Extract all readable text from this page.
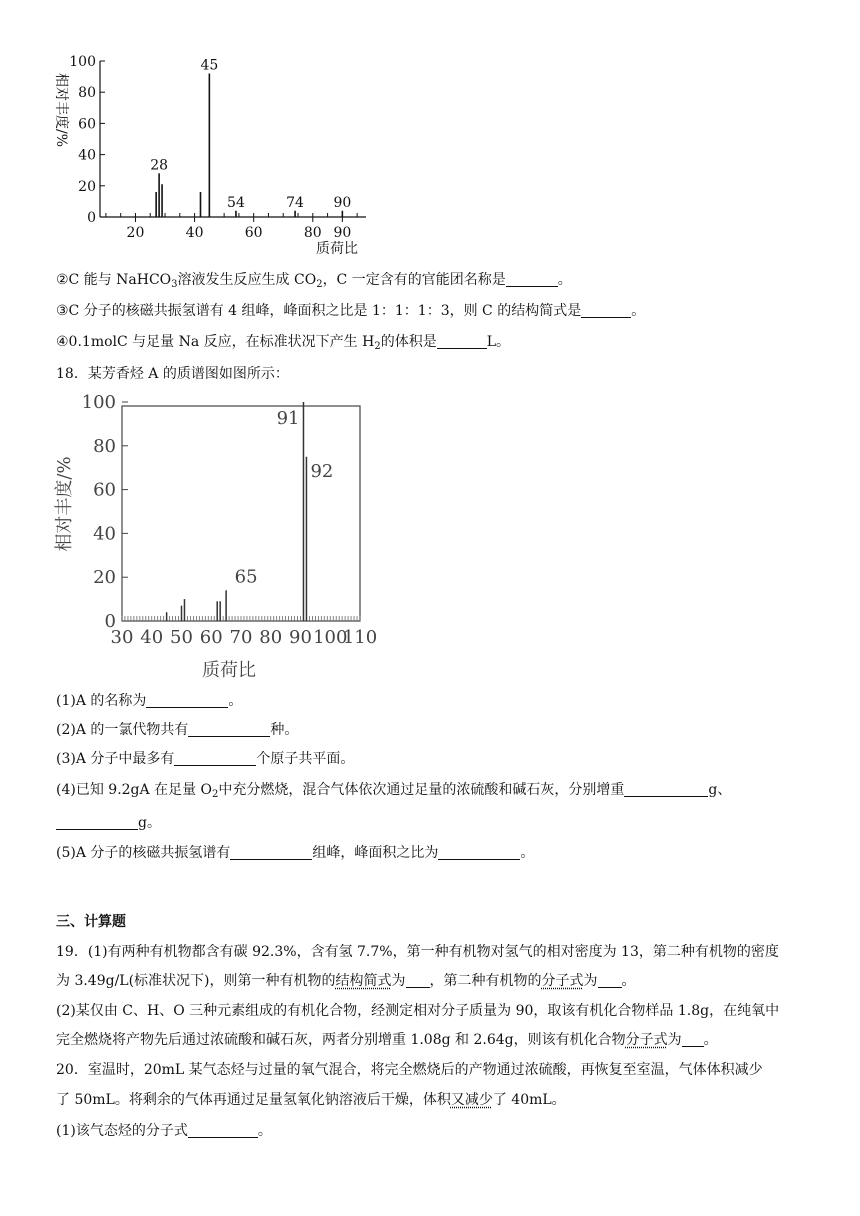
0
20
40
60
80
100
20	40	60	80 90
28
45
54	74 90
相对丰度/%
质荷比
②C 能与 NaHCO$_3$溶液发生反应生成 $CO_2$，C 一定含有的官能团名称是	。
③C 分子的核磁共振氢谱有 4 组峰，峰面积之比是 1：1：1：3，则 C 的结构简式是	。
④0.1molC 与足量 Na 反应，在标准状况下产生 $H_2$的体积是	L。
18．某芳香烃 A 的质谱图如图所示：
0
20
40
60
80
100
30 40 50 60 70 80 90 100
110
65
91
92
相对丰度/%
质荷比
(1)A 的名称为	。
(2)A 的一氯代物共有	种。
(3)A 分子中最多有	个原子共平面。
(4)已知 9.2gA 在足量 $O_2$中充分燃烧，混合气体依次通过足量的浓硫酸和碱石灰，分别增重	g、
g。
(5)A 分子的核磁共振氢谱有	组峰，峰面积之比为	。
三、计算题
19．(1)有两种有机物都含有碳 92.3%，含有氢 7.7%，第一种有机物对氢气的相对密度为 13，第二种有机物的密度
为 3.49g/L(标准状况下)，则第一种有机物的结构简式为 ，第二种有机物的分子式为 。
(2)某仅由 C、H、O 三种元素组成的有机化合物，经测定相对分子质量为 90，取该有机化合物样品 1.8g，在纯氧中
完全燃烧将产物先后通过浓硫酸和碱石灰，两者分别增重 1.08g 和 2.64g，则该有机化合物分子式为 。
20．室温时，20mL 某气态烃与过量的氧气混合，将完全燃烧后的产物通过浓硫酸，再恢复至室温，气体体积减少
了 50mL。将剩余的气体再通过足量氢氧化钠溶液后干燥，体积又减少了 40mL。
(1)该气态烃的分子式	。
